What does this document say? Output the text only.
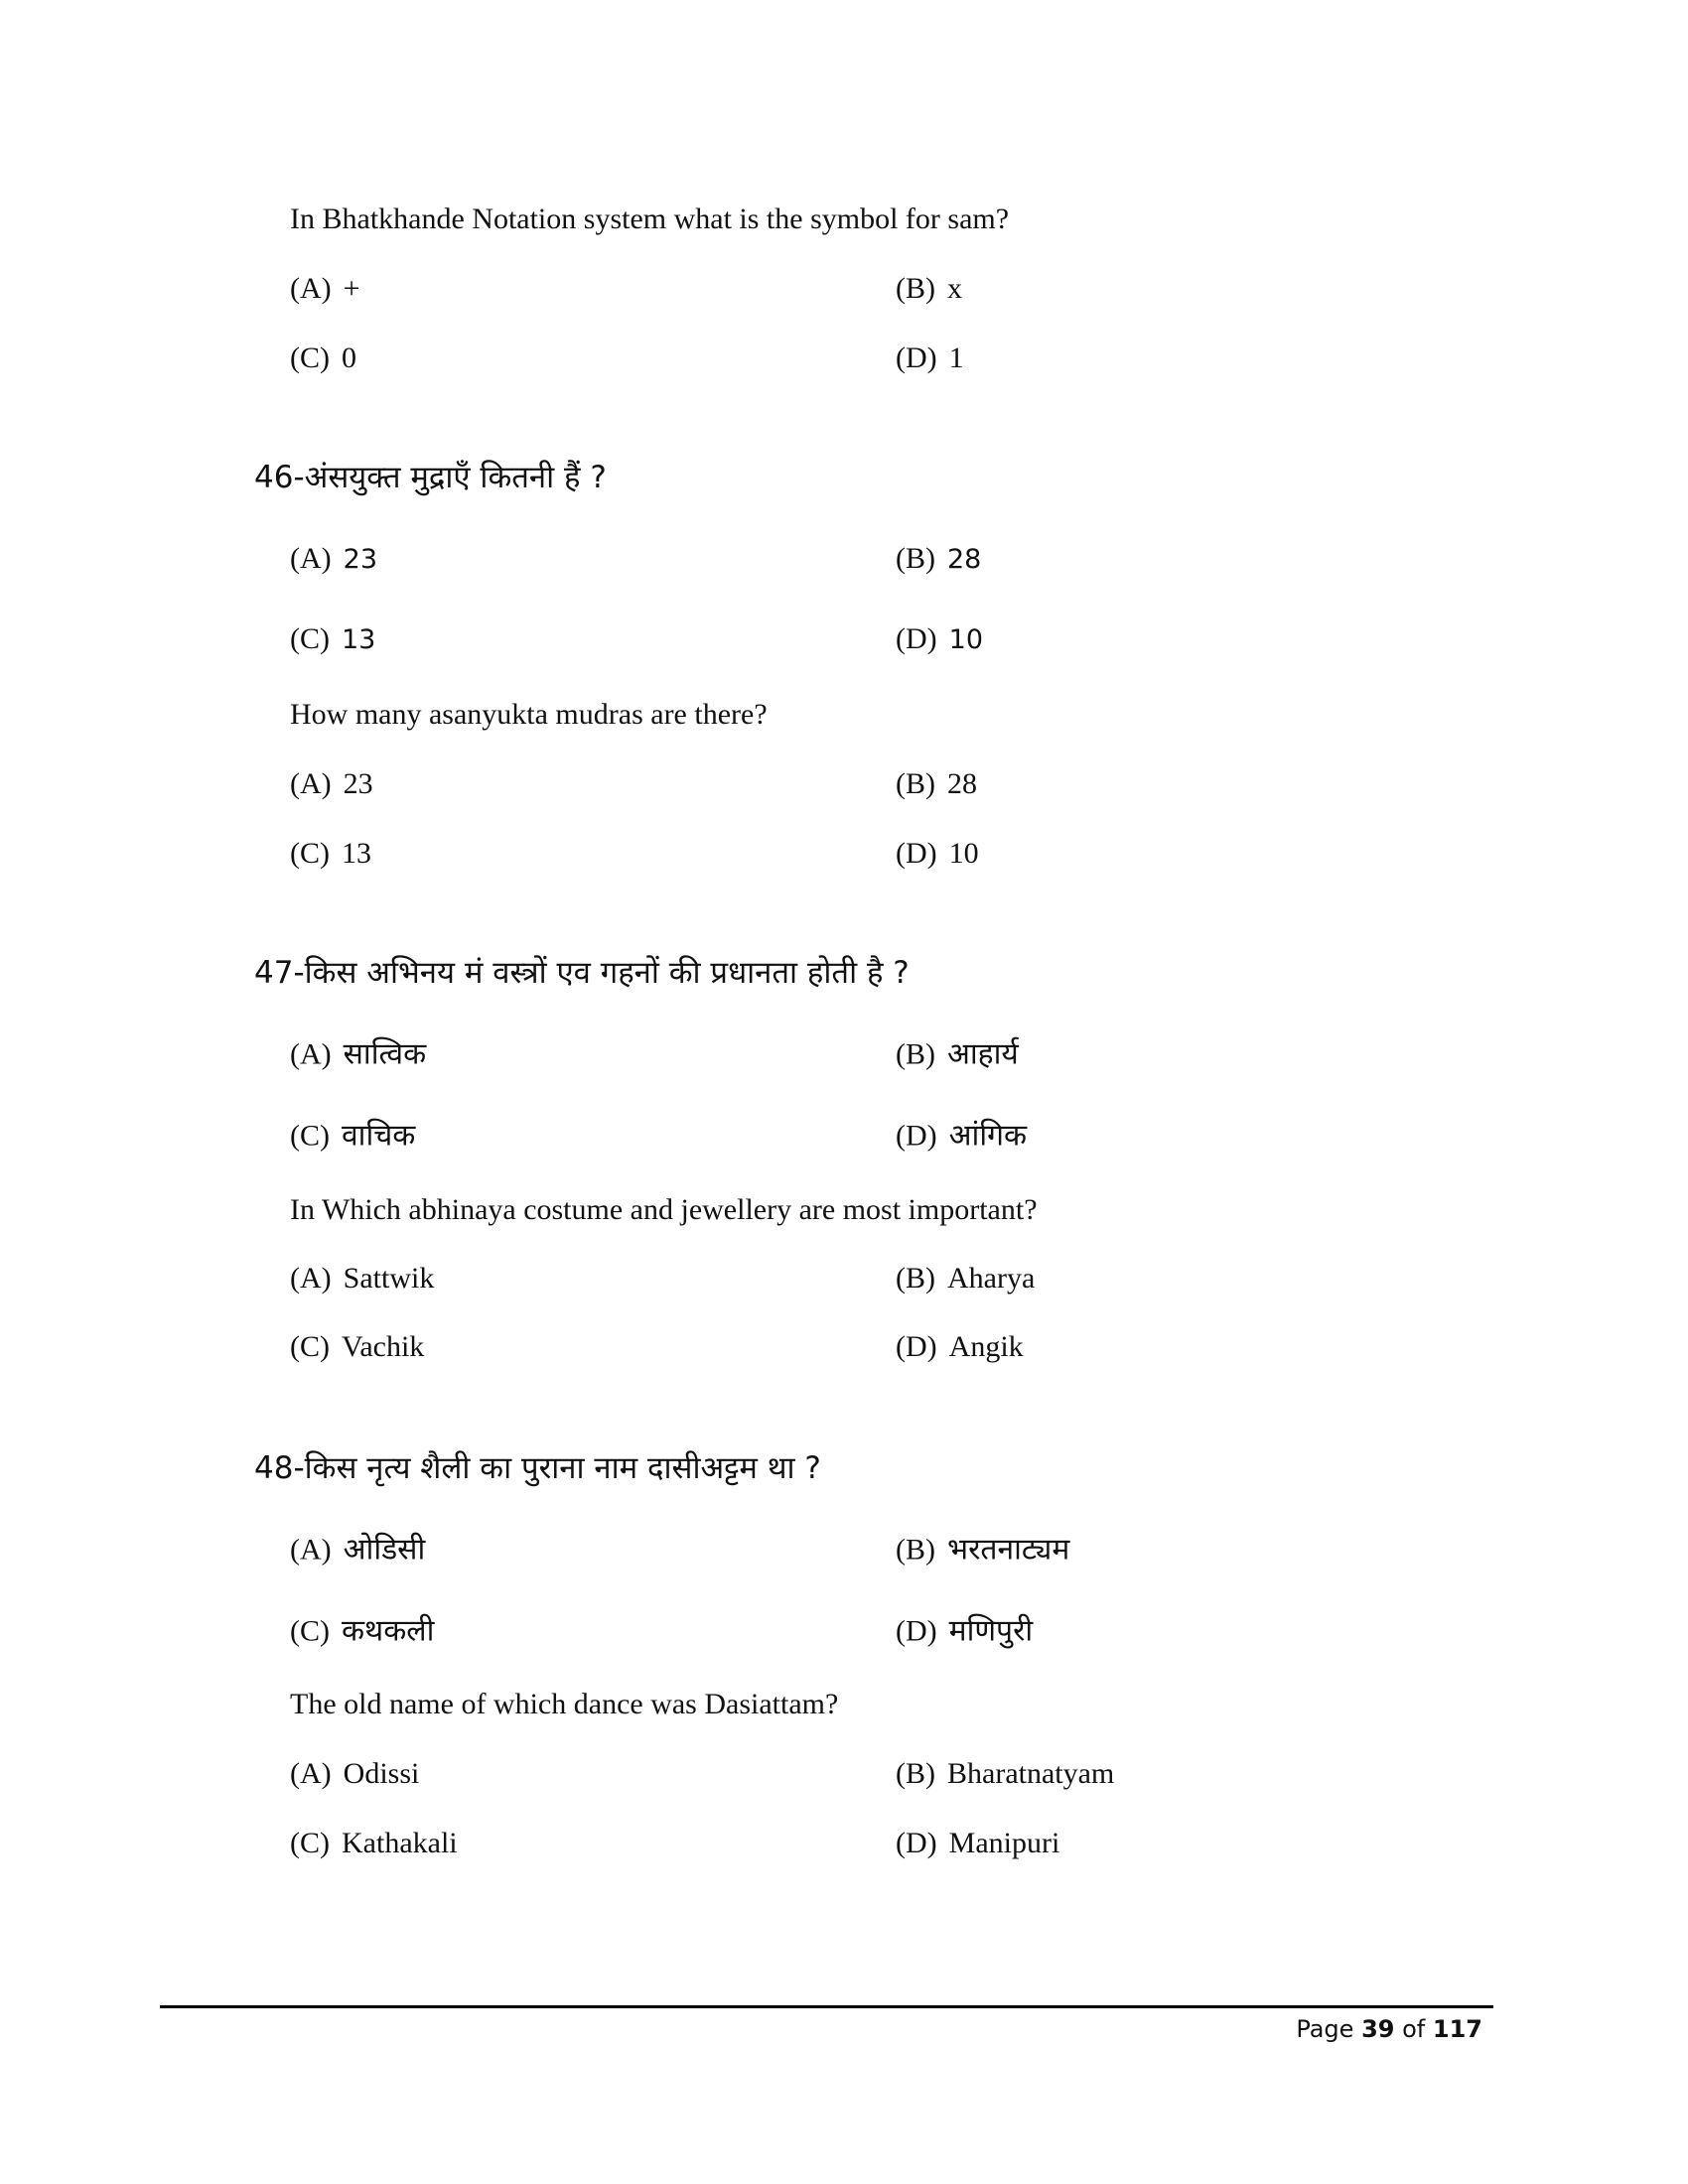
In Bhatkhande Notation system what is the symbol for sam?
(A) +	(B) x
(C) 0	(D) 1
46-अंसयुक्त मुद्राएँ कितनी हैं ?
(A) 23	(B) 28
(C) 13	(D) 10
How many asanyukta mudras are there?
(A) 23	(B) 28
(C) 13	(D) 10
47-किस अभिनय मं वस्त्रों एव गहनों की प्रधानता होती है ?
(A) सात्विक	(B) आहार्य
(C) वाचिक	(D) आंगिक
In Which abhinaya costume and jewellery are most important?
(A) Sattwik	(B) Aharya
(C) Vachik	(D) Angik
48-किस नृत्य शैली का पुराना नाम दासीअट्टम था ?
(A) ओडिसी	(B) भरतनाट्यम
(C) कथकली	(D) मणिपुरी
The old name of which dance was Dasiattam?
(A) Odissi	(B) Bharatnatyam
(C) Kathakali	(D) Manipuri
Page 39 of 117
